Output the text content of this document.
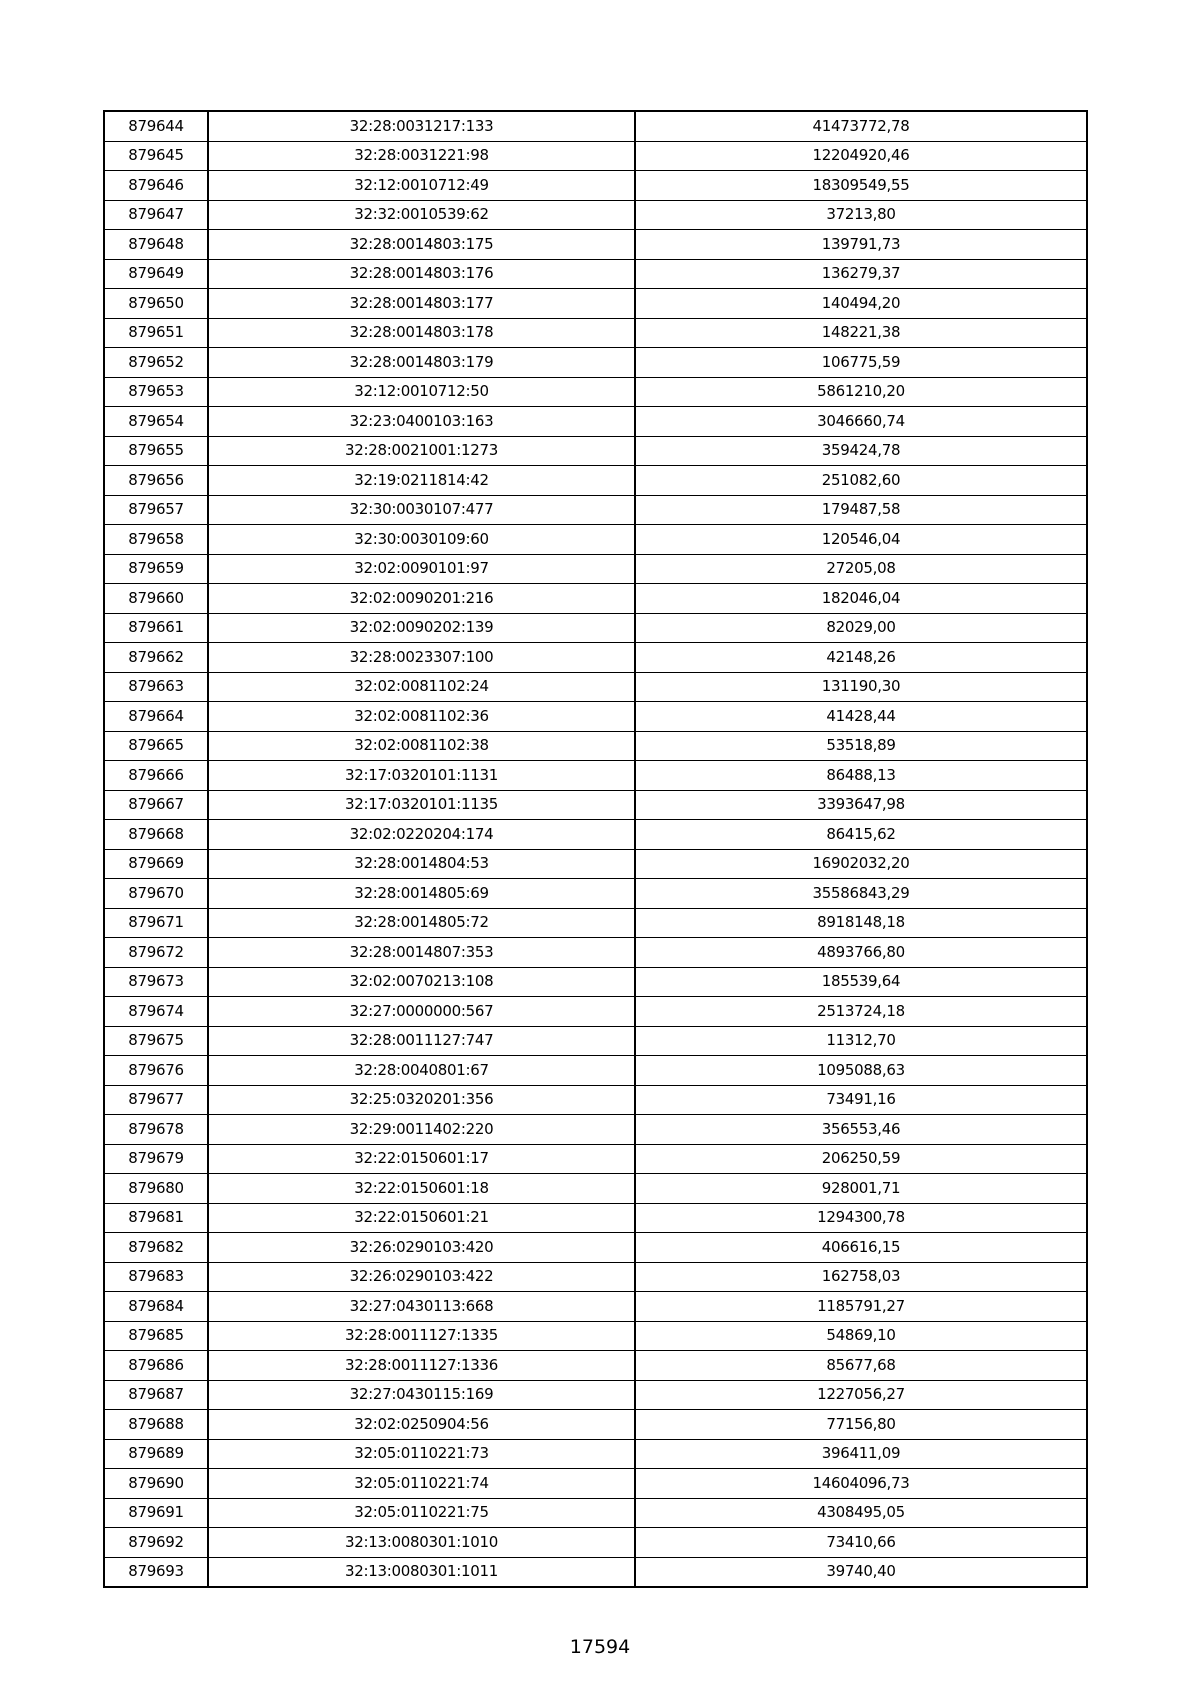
879644	32:28:0031217:133	41473772,78
879645	32:28:0031221:98	12204920,46
879646	32:12:0010712:49	18309549,55
879647	32:32:0010539:62	37213,80
879648	32:28:0014803:175	139791,73
879649	32:28:0014803:176	136279,37
879650	32:28:0014803:177	140494,20
879651	32:28:0014803:178	148221,38
879652	32:28:0014803:179	106775,59
879653	32:12:0010712:50	5861210,20
879654	32:23:0400103:163	3046660,74
879655	32:28:0021001:1273	359424,78
879656	32:19:0211814:42	251082,60
879657	32:30:0030107:477	179487,58
879658	32:30:0030109:60	120546,04
879659	32:02:0090101:97	27205,08
879660	32:02:0090201:216	182046,04
879661	32:02:0090202:139	82029,00
879662	32:28:0023307:100	42148,26
879663	32:02:0081102:24	131190,30
879664	32:02:0081102:36	41428,44
879665	32:02:0081102:38	53518,89
879666	32:17:0320101:1131	86488,13
879667	32:17:0320101:1135	3393647,98
879668	32:02:0220204:174	86415,62
879669	32:28:0014804:53	16902032,20
879670	32:28:0014805:69	35586843,29
879671	32:28:0014805:72	8918148,18
879672	32:28:0014807:353	4893766,80
879673	32:02:0070213:108	185539,64
879674	32:27:0000000:567	2513724,18
879675	32:28:0011127:747	11312,70
879676	32:28:0040801:67	1095088,63
879677	32:25:0320201:356	73491,16
879678	32:29:0011402:220	356553,46
879679	32:22:0150601:17	206250,59
879680	32:22:0150601:18	928001,71
879681	32:22:0150601:21	1294300,78
879682	32:26:0290103:420	406616,15
879683	32:26:0290103:422	162758,03
879684	32:27:0430113:668	1185791,27
879685	32:28:0011127:1335	54869,10
879686	32:28:0011127:1336	85677,68
879687	32:27:0430115:169	1227056,27
879688	32:02:0250904:56	77156,80
879689	32:05:0110221:73	396411,09
879690	32:05:0110221:74	14604096,73
879691	32:05:0110221:75	4308495,05
879692	32:13:0080301:1010	73410,66
879693	32:13:0080301:1011	39740,40
17594
